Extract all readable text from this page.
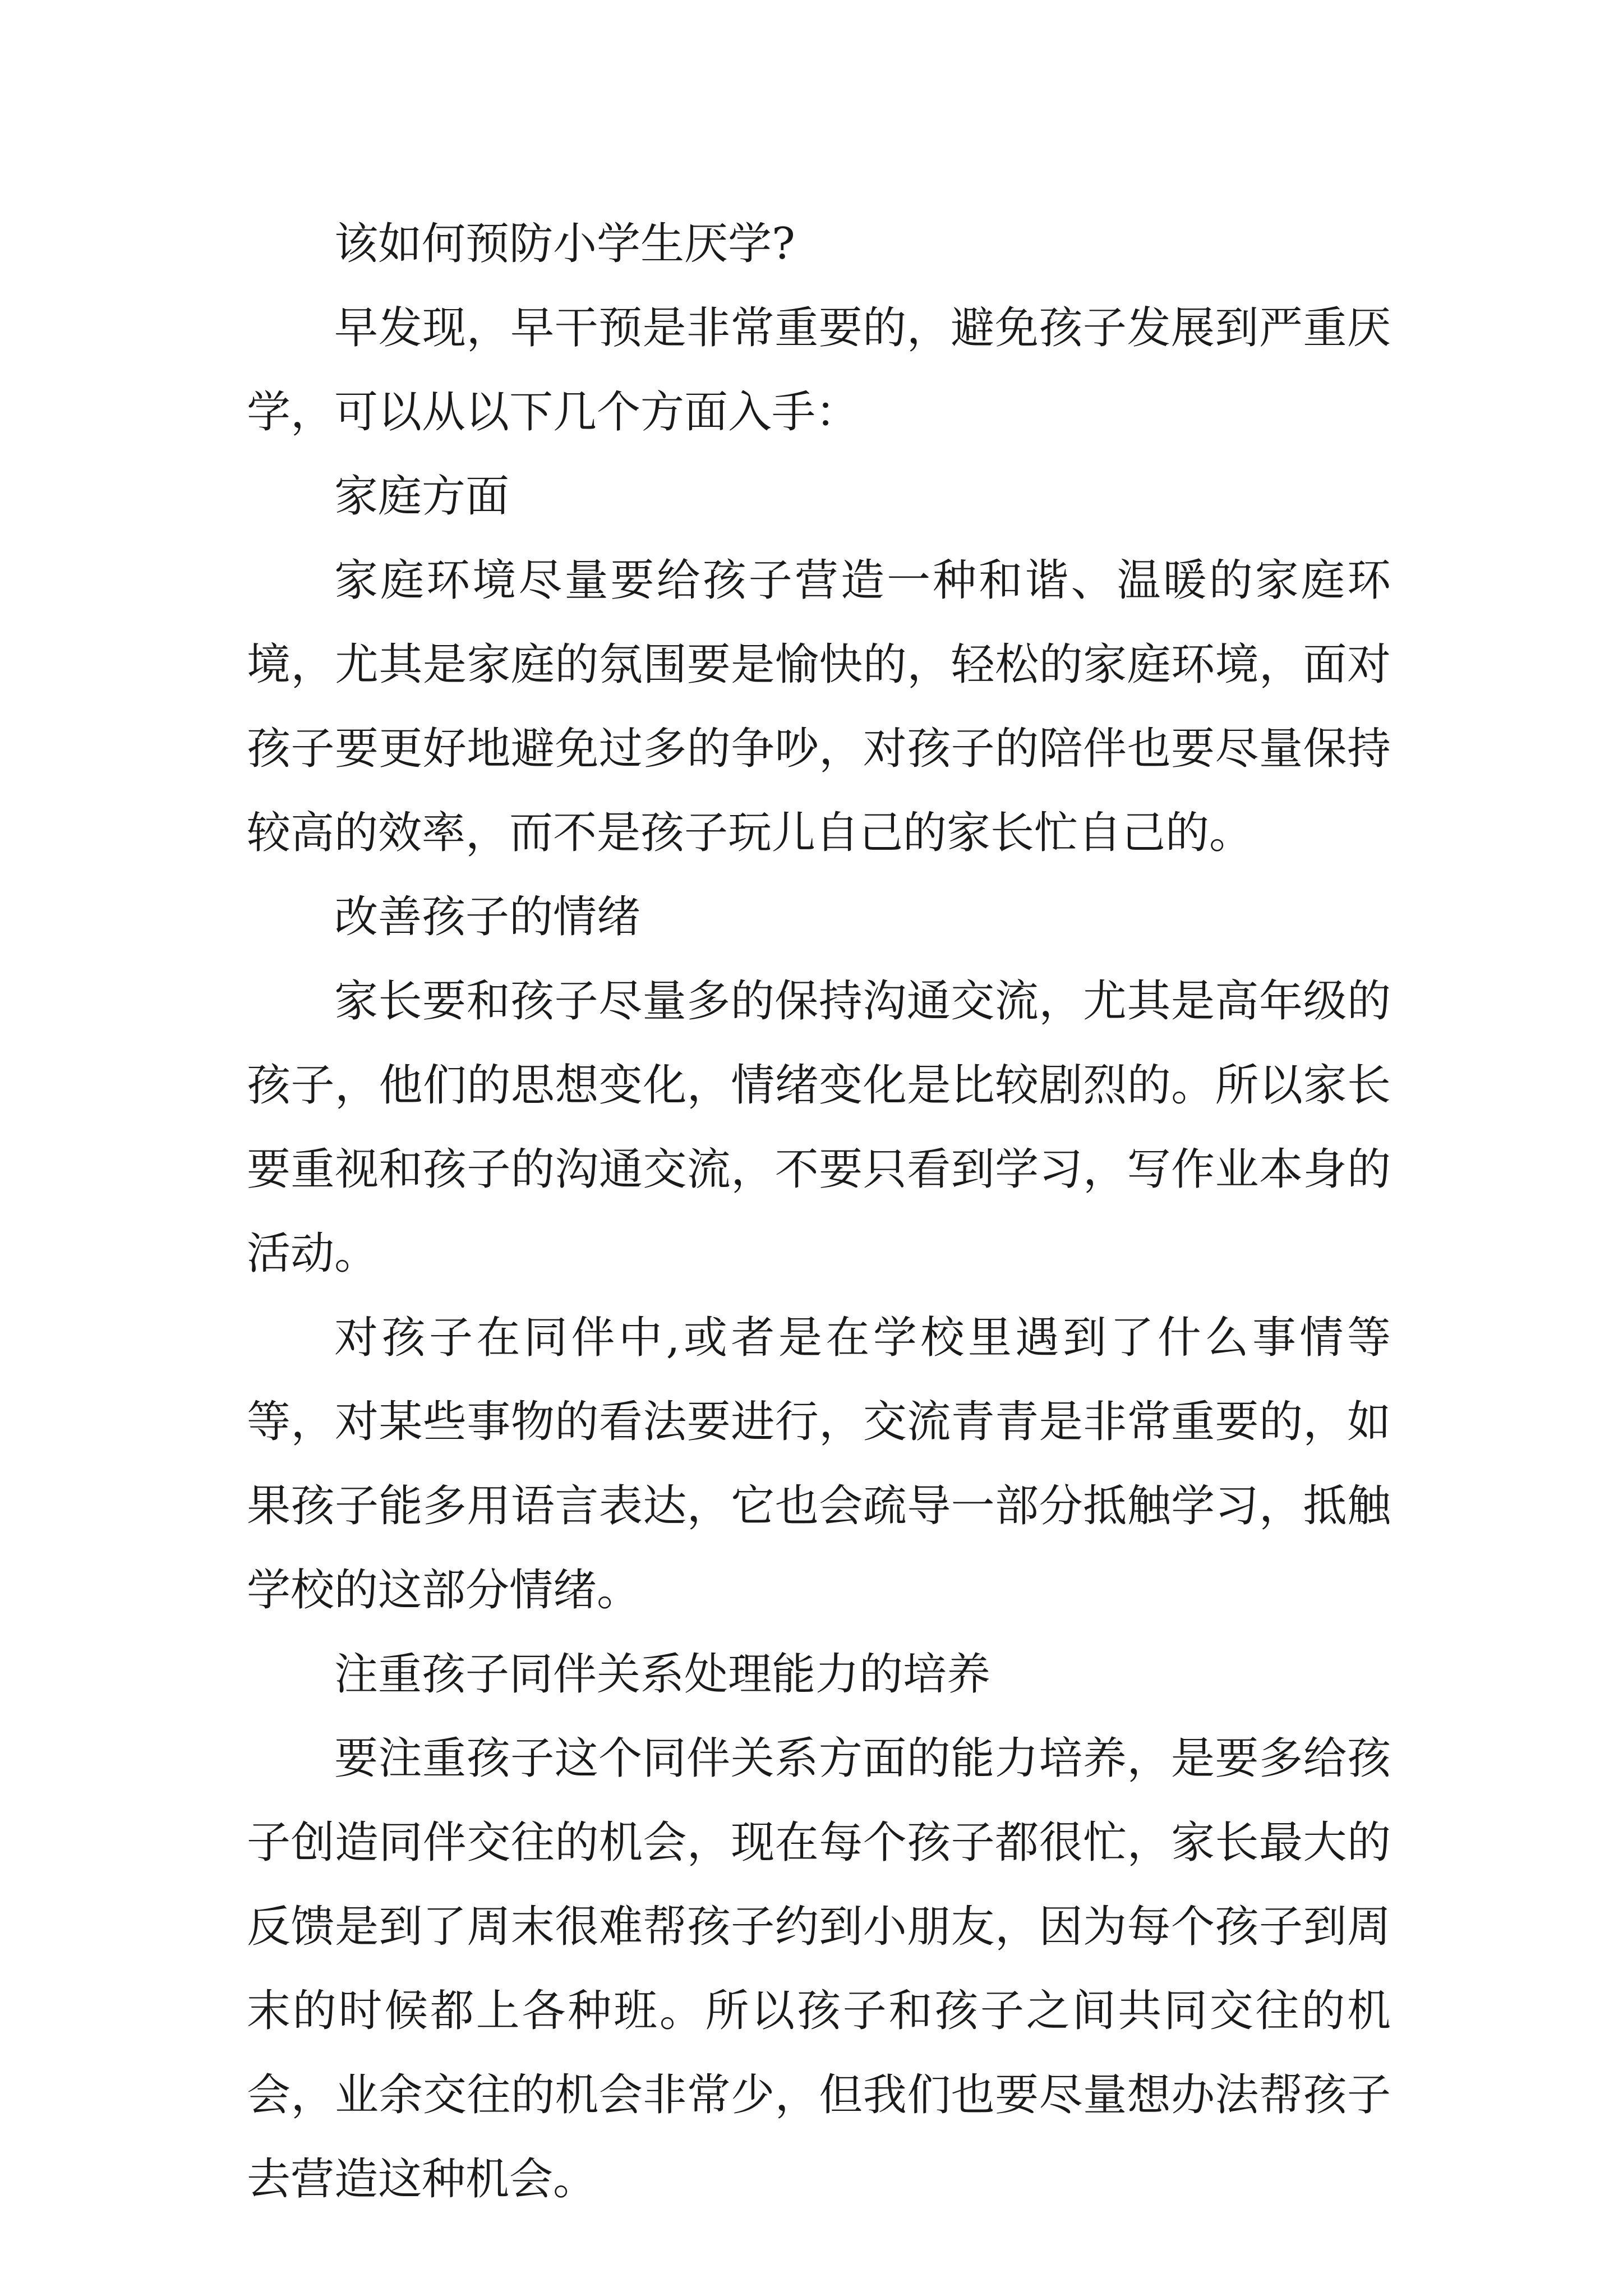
该如何预防小学生厌学?

早发现，早干预是非常重要的，避免孩子发展到严重厌学，可以从以下几个方面入手：

家庭方面

家庭环境尽量要给孩子营造一种和谐、温暖的家庭环境，尤其是家庭的氛围要是愉快的，轻松的家庭环境，面对孩子要更好地避免过多的争吵，对孩子的陪伴也要尽量保持较高的效率，而不是孩子玩儿自己的家长忙自己的。

改善孩子的情绪

家长要和孩子尽量多的保持沟通交流，尤其是高年级的孩子，他们的思想变化，情绪变化是比较剧烈的。所以家长要重视和孩子的沟通交流，不要只看到学习，写作业本身的活动。

对孩子在同伴中,或者是在学校里遇到了什么事情等等，对某些事物的看法要进行，交流青青是非常重要的，如果孩子能多用语言表达，它也会疏导一部分抵触学习，抵触学校的这部分情绪。

注重孩子同伴关系处理能力的培养

要注重孩子这个同伴关系方面的能力培养，是要多给孩子创造同伴交往的机会，现在每个孩子都很忙，家长最大的反馈是到了周末很难帮孩子约到小朋友，因为每个孩子到周末的时候都上各种班。所以孩子和孩子之间共同交往的机会，业余交往的机会非常少，但我们也要尽量想办法帮孩子去营造这种机会。
